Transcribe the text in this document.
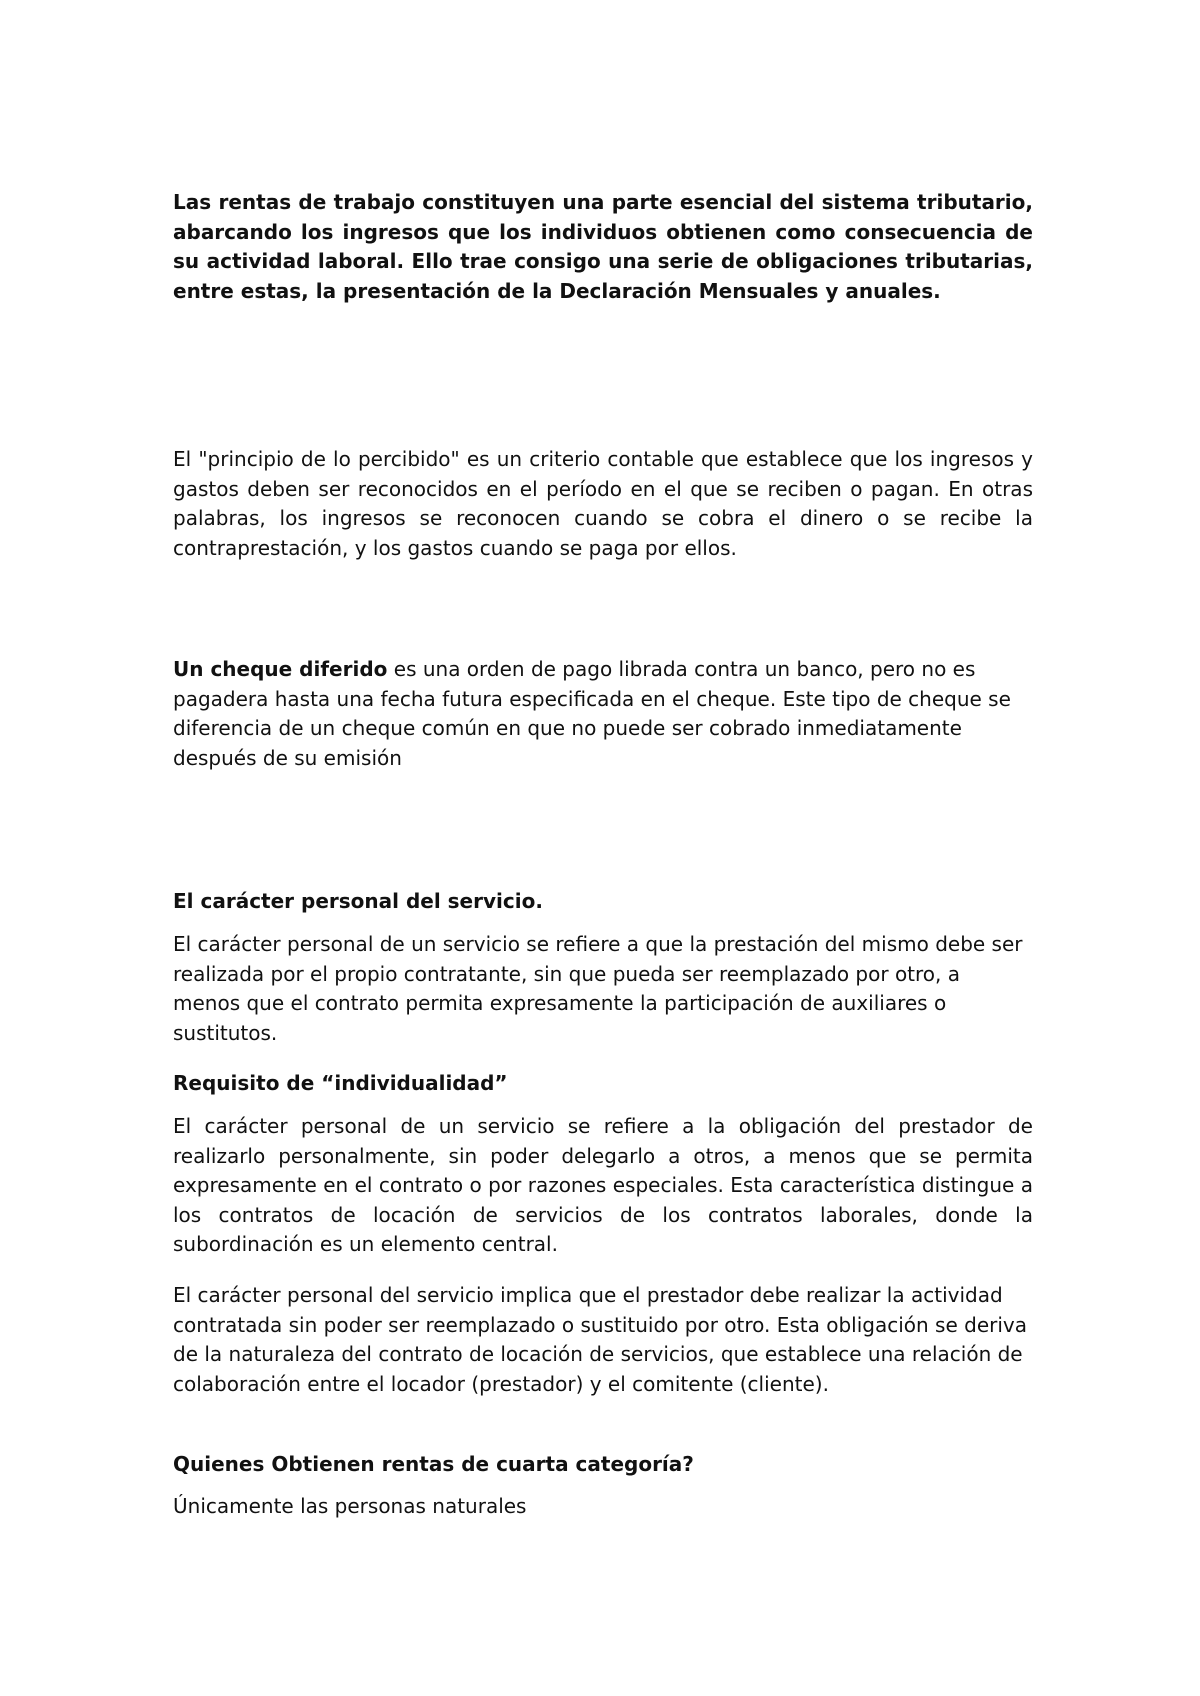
Las rentas de trabajo constituyen una parte esencial del sistema tributario, abarcando los ingresos que los individuos obtienen como consecuencia de su actividad laboral. Ello trae consigo una serie de obligaciones tributarias, entre estas, la presentación de la Declaración Mensuales y anuales.

El "principio de lo percibido" es un criterio contable que establece que los ingresos y gastos deben ser reconocidos en el período en el que se reciben o pagan. En otras palabras, los ingresos se reconocen cuando se cobra el dinero o se recibe la contraprestación, y los gastos cuando se paga por ellos.

Un cheque diferido es una orden de pago librada contra un banco, pero no es pagadera hasta una fecha futura especificada en el cheque. Este tipo de cheque se diferencia de un cheque común en que no puede ser cobrado inmediatamente después de su emisión

El carácter personal del servicio.

El carácter personal de un servicio se refiere a que la prestación del mismo debe ser realizada por el propio contratante, sin que pueda ser reemplazado por otro, a menos que el contrato permita expresamente la participación de auxiliares o sustitutos.

Requisito de “individualidad”

El carácter personal de un servicio se refiere a la obligación del prestador de realizarlo personalmente, sin poder delegarlo a otros, a menos que se permita expresamente en el contrato o por razones especiales. Esta característica distingue a los contratos de locación de servicios de los contratos laborales, donde la subordinación es un elemento central.

El carácter personal del servicio implica que el prestador debe realizar la actividad contratada sin poder ser reemplazado o sustituido por otro. Esta obligación se deriva de la naturaleza del contrato de locación de servicios, que establece una relación de colaboración entre el locador (prestador) y el comitente (cliente).

Quienes Obtienen rentas de cuarta categoría?

Únicamente las personas naturales
